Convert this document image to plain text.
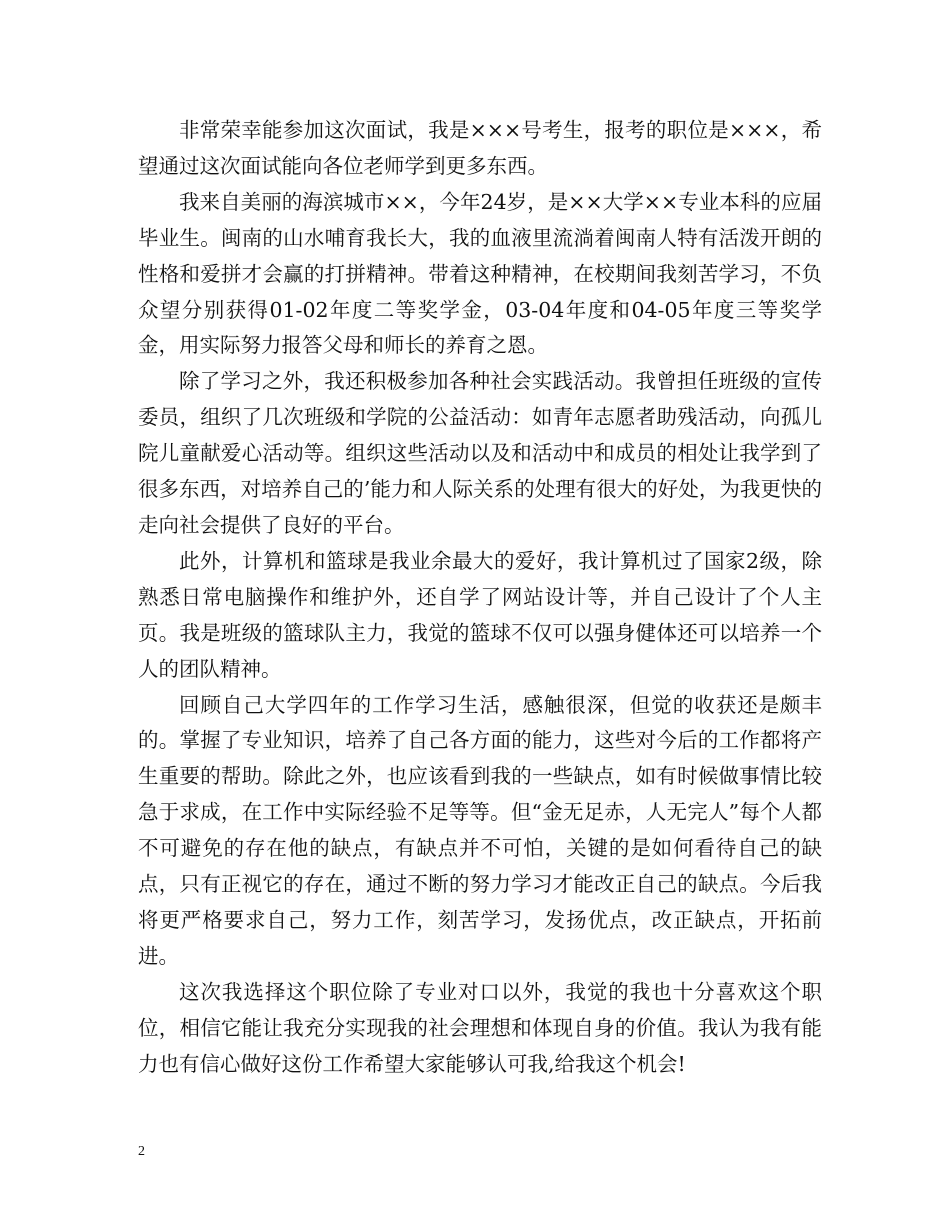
非常荣幸能参加这次面试，我是×××号考生，报考的职位是×××，希望通过这次面试能向各位老师学到更多东西。

我来自美丽的海滨城市××，今年24岁，是××大学××专业本科的应届毕业生。闽南的山水哺育我长大，我的血液里流淌着闽南人特有活泼开朗的性格和爱拼才会赢的打拼精神。带着这种精神，在校期间我刻苦学习，不负众望分别获得01-02年度二等奖学金，03-04年度和04-05年度三等奖学金，用实际努力报答父母和师长的养育之恩。

除了学习之外，我还积极参加各种社会实践活动。我曾担任班级的宣传委员，组织了几次班级和学院的公益活动：如青年志愿者助残活动，向孤儿院儿童献爱心活动等。组织这些活动以及和活动中和成员的相处让我学到了很多东西，对培养自己的’能力和人际关系的处理有很大的好处，为我更快的走向社会提供了良好的平台。

此外，计算机和篮球是我业余最大的爱好，我计算机过了国家2级，除熟悉日常电脑操作和维护外，还自学了网站设计等，并自己设计了个人主页。我是班级的篮球队主力，我觉的篮球不仅可以强身健体还可以培养一个人的团队精神。

回顾自己大学四年的工作学习生活，感触很深，但觉的收获还是颇丰的。掌握了专业知识，培养了自己各方面的能力，这些对今后的工作都将产生重要的帮助。除此之外，也应该看到我的一些缺点，如有时候做事情比较急于求成，在工作中实际经验不足等等。但“金无足赤，人无完人”每个人都不可避免的存在他的缺点，有缺点并不可怕，关键的是如何看待自己的缺点，只有正视它的存在，通过不断的努力学习才能改正自己的缺点。今后我将更严格要求自己，努力工作，刻苦学习，发扬优点，改正缺点，开拓前进。

这次我选择这个职位除了专业对口以外，我觉的我也十分喜欢这个职位，相信它能让我充分实现我的社会理想和体现自身的价值。我认为我有能力也有信心做好这份工作希望大家能够认可我,给我这个机会!

2
